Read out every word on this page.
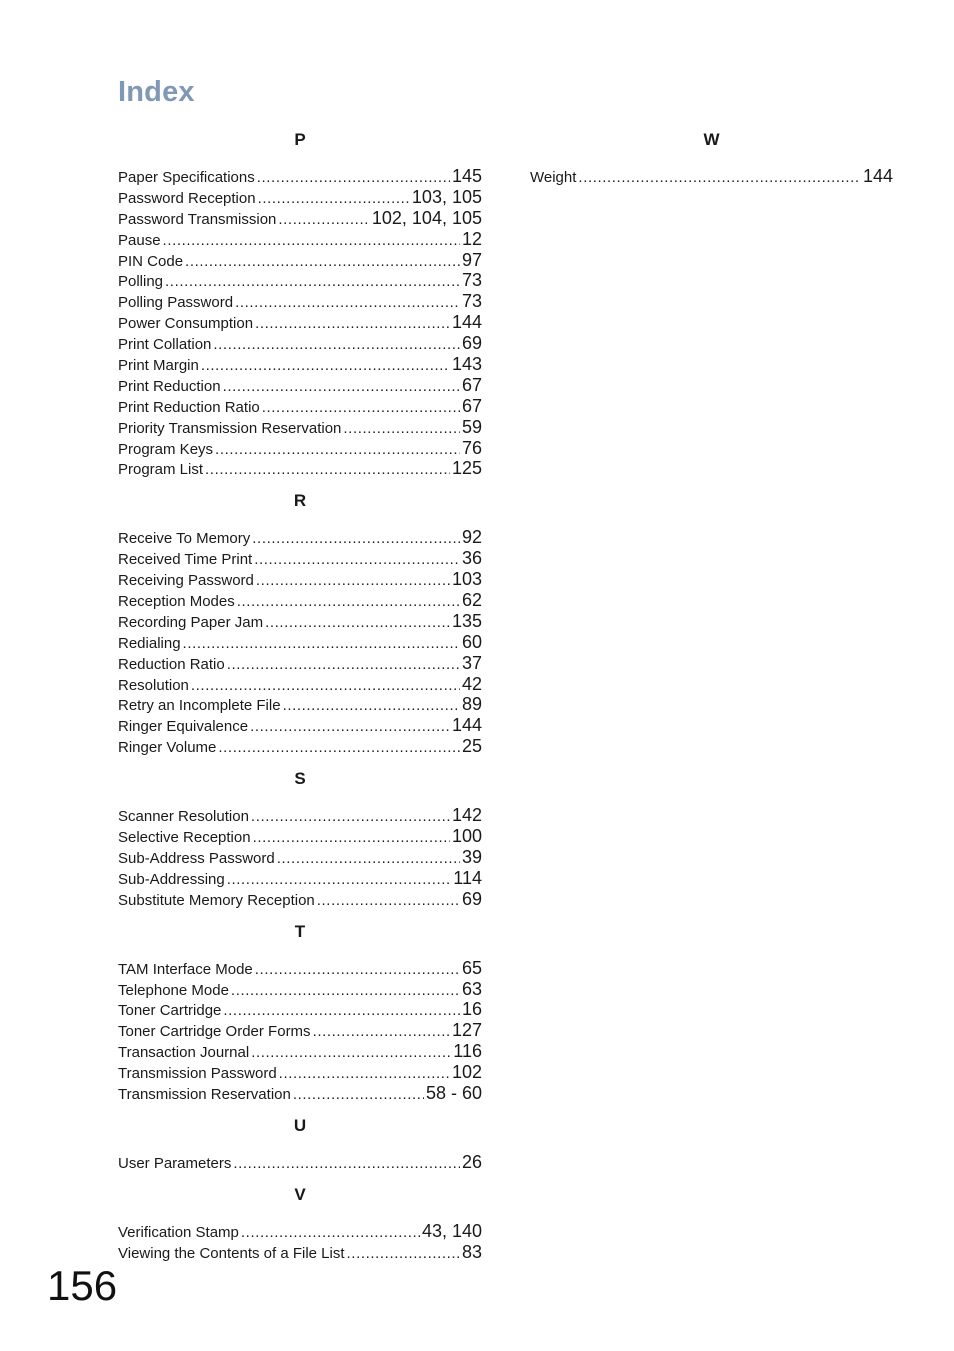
Index
P
Paper Specifications .....	145
Password Reception .....	103, 105
Password Transmission .....	102, 104, 105
Pause .....	12
PIN Code .....	97
Polling .....	73
Polling Password .....	73
Power Consumption .....	144
Print Collation .....	69
Print Margin .....	143
Print Reduction .....	67
Print Reduction Ratio .....	67
Priority Transmission Reservation .....	59
Program Keys .....	76
Program List .....	125
R
Receive To Memory .....	92
Received Time Print .....	36
Receiving Password .....	103
Reception Modes .....	62
Recording Paper Jam .....	135
Redialing .....	60
Reduction Ratio .....	37
Resolution .....	42
Retry an Incomplete File .....	89
Ringer Equivalence .....	144
Ringer Volume .....	25
S
Scanner Resolution .....	142
Selective Reception .....	100
Sub-Address Password .....	39
Sub-Addressing .....	114
Substitute Memory Reception .....	69
T
TAM Interface Mode .....	65
Telephone Mode .....	63
Toner Cartridge .....	16
Toner Cartridge Order Forms .....	127
Transaction Journal .....	116
Transmission Password .....	102
Transmission Reservation .....	58 - 60
U
User Parameters .....	26
V
Verification Stamp .....	43, 140
Viewing the Contents of a File List .....	83
W
Weight .....	144
156
